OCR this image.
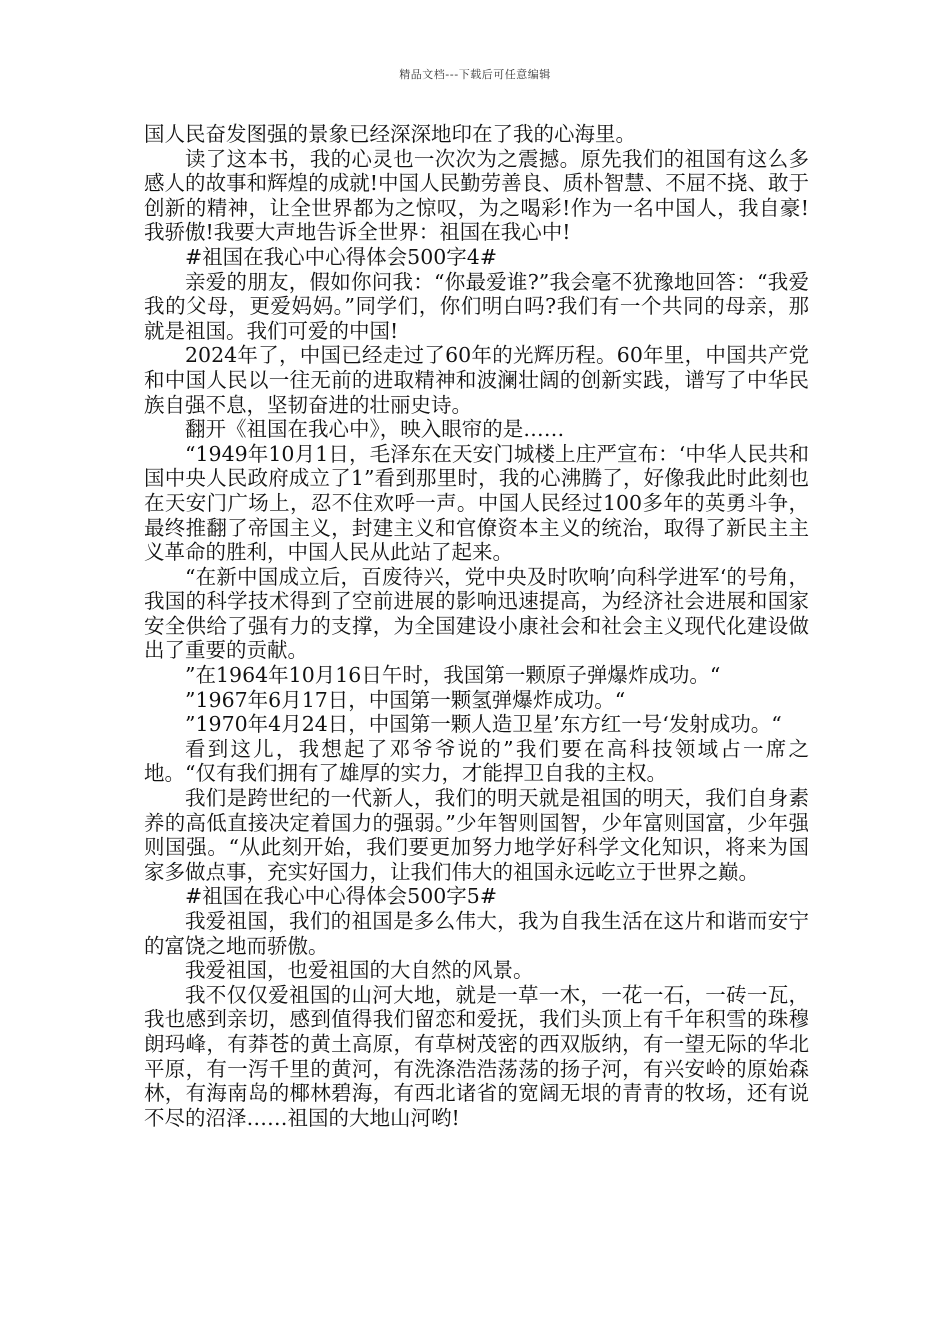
精品文档---下载后可任意编辑

国人民奋发图强的景象已经深深地印在了我的心海里。

读了这本书，我的心灵也一次次为之震撼。原先我们的祖国有这么多感人的故事和辉煌的成就!中国人民勤劳善良、质朴智慧、不屈不挠、敢于创新的精神，让全世界都为之惊叹，为之喝彩!作为一名中国人，我自豪!我骄傲!我要大声地告诉全世界：祖国在我心中!

#祖国在我心中心得体会500字4#

亲爱的朋友，假如你问我：“你最爱谁?”我会毫不犹豫地回答：“我爱我的父母，更爱妈妈。”同学们，你们明白吗?我们有一个共同的母亲，那就是祖国。我们可爱的中国!

2024年了，中国已经走过了60年的光辉历程。60年里，中国共产党和中国人民以一往无前的进取精神和波澜壮阔的创新实践，谱写了中华民族自强不息，坚韧奋进的壮丽史诗。

翻开《祖国在我心中》，映入眼帘的是……

“1949年10月1日，毛泽东在天安门城楼上庄严宣布：‘中华人民共和国中央人民政府成立了1”看到那里时，我的心沸腾了，好像我此时此刻也在天安门广场上，忍不住欢呼一声。中国人民经过100多年的英勇斗争，最终推翻了帝国主义，封建主义和官僚资本主义的统治，取得了新民主主义革命的胜利，中国人民从此站了起来。

“在新中国成立后，百废待兴，党中央及时吹响’向科学进军‘的号角，我国的科学技术得到了空前进展的影响迅速提高，为经济社会进展和国家安全供给了强有力的支撑，为全国建设小康社会和社会主义现代化建设做出了重要的贡献。

”在1964年10月16日午时，我国第一颗原子弹爆炸成功。“

”1967年6月17日，中国第一颗氢弹爆炸成功。“

”1970年4月24日，中国第一颗人造卫星’东方红一号‘发射成功。“

看到这儿，我想起了邓爷爷说的”我们要在高科技领域占一席之地。“仅有我们拥有了雄厚的实力，才能捍卫自我的主权。

我们是跨世纪的一代新人，我们的明天就是祖国的明天，我们自身素养的高低直接决定着国力的强弱。”少年智则国智，少年富则国富，少年强则国强。“从此刻开始，我们要更加努力地学好科学文化知识，将来为国家多做点事，充实好国力，让我们伟大的祖国永远屹立于世界之巅。

#祖国在我心中心得体会500字5#

我爱祖国，我们的祖国是多么伟大，我为自我生活在这片和谐而安宁的富饶之地而骄傲。

我爱祖国，也爱祖国的大自然的风景。

我不仅仅爱祖国的山河大地，就是一草一木，一花一石，一砖一瓦，我也感到亲切，感到值得我们留恋和爱抚，我们头顶上有千年积雪的珠穆朗玛峰，有莽苍的黄土高原，有草树茂密的西双版纳，有一望无际的华北平原，有一泻千里的黄河，有洗涤浩浩荡荡的扬子河，有兴安岭的原始森林，有海南岛的椰林碧海，有西北诸省的宽阔无垠的青青的牧场，还有说不尽的沼泽……祖国的大地山河哟!
